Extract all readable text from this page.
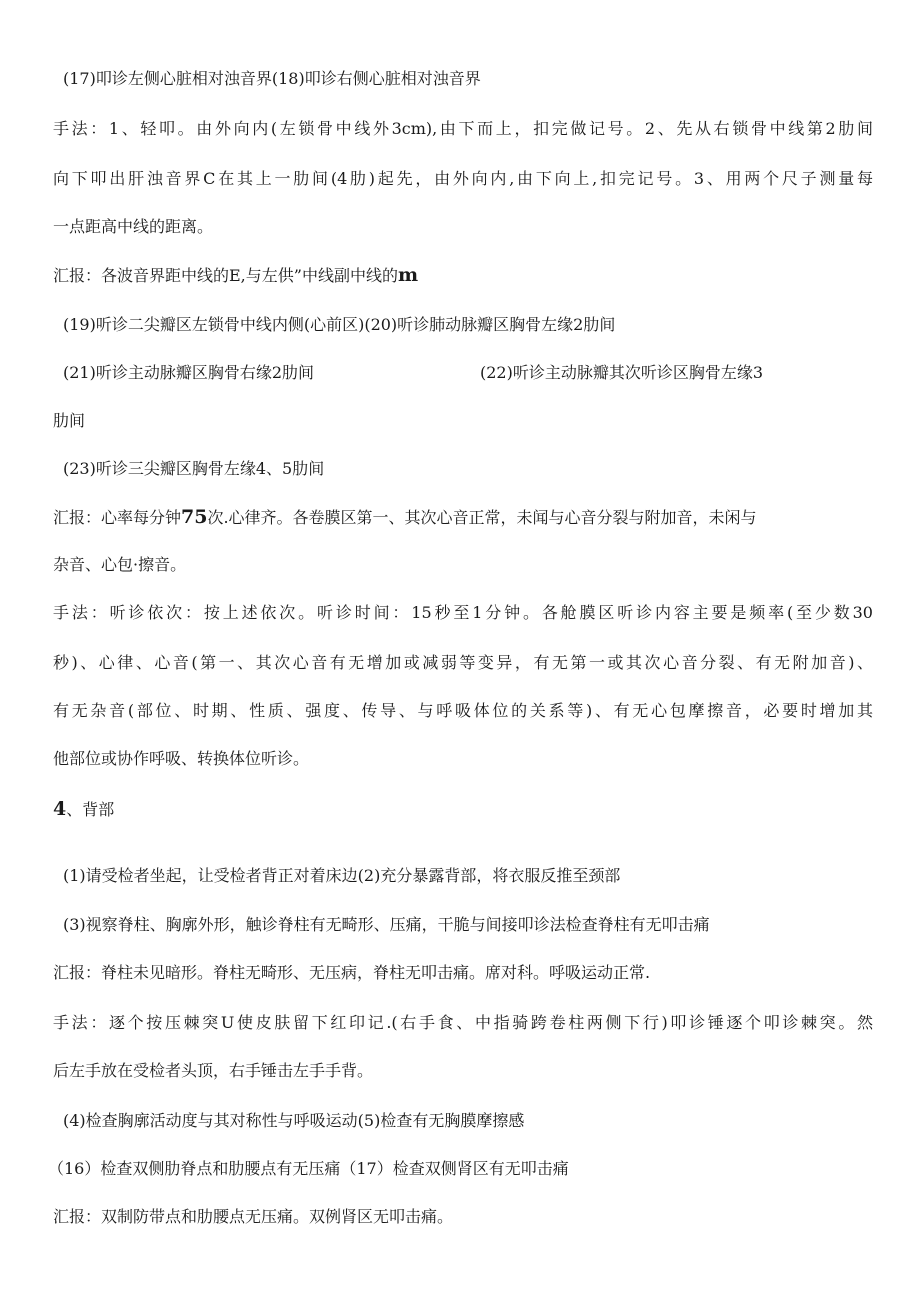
(17)叩诊左侧心脏相对浊音界(18)叩诊右侧心脏相对浊音界
手法：1、轻叩。由外向内(左锁骨中线外3cm),由下而上，扣完做记号。2、先从右锁骨中线第2肋间
向下叩出肝浊音界C在其上一肋间(4肋)起先，由外向内,由下向上,扣完记号。3、用两个尺子测量每
一点距高中线的距离。
汇报：各波音界距中线的E,与左供”中线副中线的m
(19)听诊二尖瓣区左锁骨中线内侧(心前区)(20)听诊肺动脉瓣区胸骨左缘2肋间
(21)听诊主动脉瓣区胸骨右缘2肋间	(22)听诊主动脉瓣其次听诊区胸骨左缘3
肋间
(23)听诊三尖瓣区胸骨左缘4、5肋间
汇报：心率每分钟75次.心律齐。各卷膜区第一、其次心音正常，未闻与心音分裂与附加音，未闲与
杂音、心包·擦音。
手法：听诊依次：按上述依次。听诊时间：15秒至1分钟。各舱膜区听诊内容主要是频率(至少数30
秒)、心律、心音(第一、其次心音有无增加或减弱等变异，有无第一或其次心音分裂、有无附加音)、
有无杂音(部位、时期、性质、强度、传导、与呼吸体位的关系等)、有无心包摩擦音，必要时增加其
他部位或协作呼吸、转换体位听诊。
4、背部
(1)请受检者坐起，让受检者背正对着床边(2)充分暴露背部，将衣服反推至颈部
(3)视察脊柱、胸廓外形，触诊脊柱有无畸形、压痛，干脆与间接叩诊法检查脊柱有无叩击痛
汇报：脊柱未见暗形。脊柱无畸形、无压病，脊柱无叩击痛。席对科。呼吸运动正常.
手法：逐个按压棘突U使皮肤留下红印记.(右手食、中指骑跨卷柱两侧下行)叩诊锤逐个叩诊棘突。然
后左手放在受检者头顶，右手锤击左手手背。
(4)检查胸廓活动度与其对称性与呼吸运动(5)检查有无胸膜摩擦感
（16）检查双侧肋脊点和肋腰点有无压痛（17）检查双侧肾区有无叩击痛
汇报：双制防带点和肋腰点无压痛。双例肾区无叩击痛。
